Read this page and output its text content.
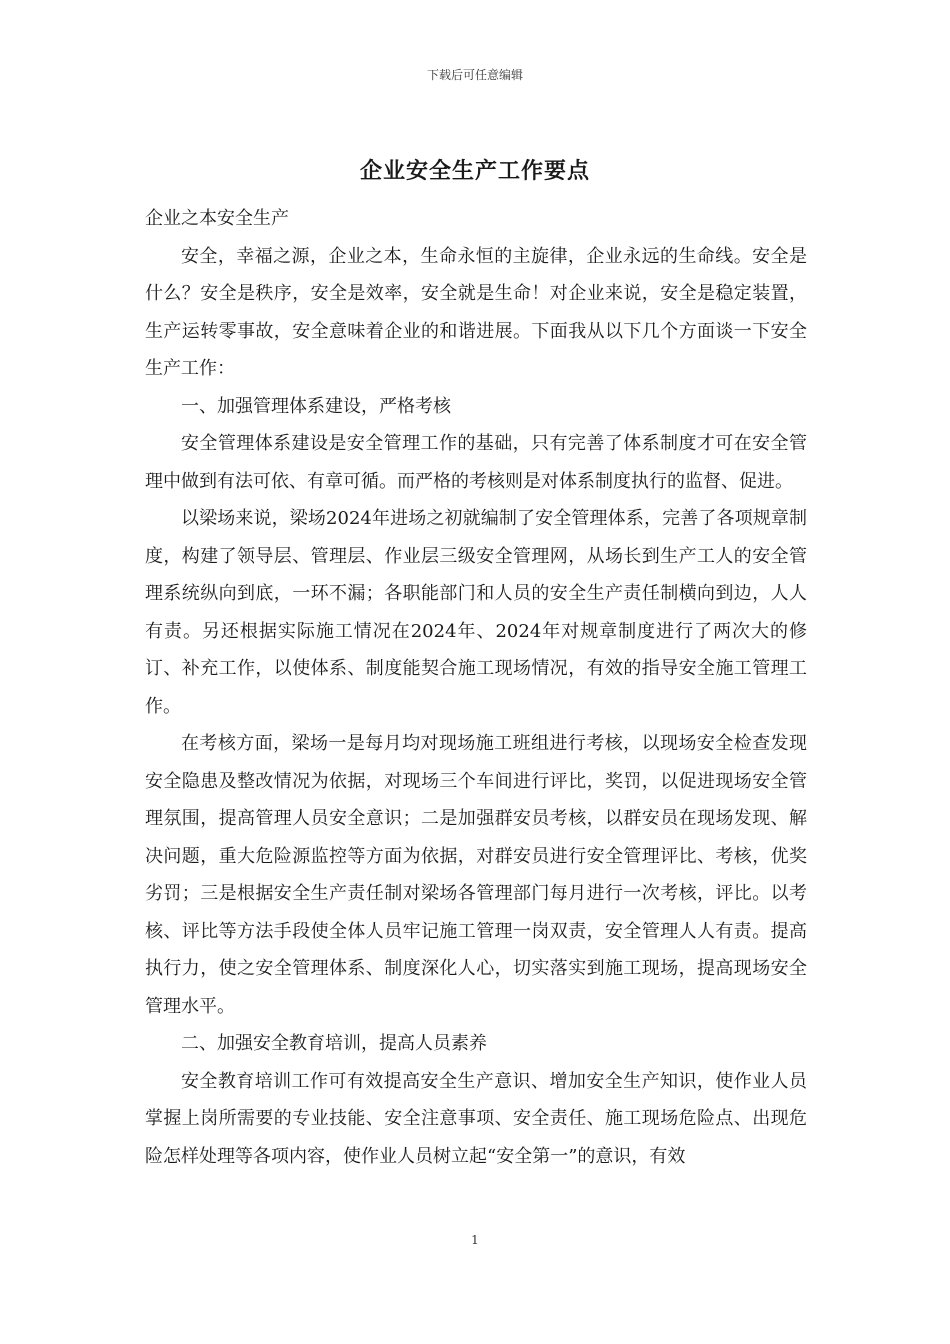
下载后可任意编辑
企业安全生产工作要点

企业之本安全生产

安全，幸福之源，企业之本，生命永恒的主旋律，企业永远的生命线。安全是什么？安全是秩序，安全是效率，安全就是生命！对企业来说，安全是稳定装置，生产运转零事故，安全意味着企业的和谐进展。下面我从以下几个方面谈一下安全生产工作：

一、加强管理体系建设，严格考核

安全管理体系建设是安全管理工作的基础，只有完善了体系制度才可在安全管理中做到有法可依、有章可循。而严格的考核则是对体系制度执行的监督、促进。

以梁场来说，梁场2024年进场之初就编制了安全管理体系，完善了各项规章制度，构建了领导层、管理层、作业层三级安全管理网，从场长到生产工人的安全管理系统纵向到底，一环不漏；各职能部门和人员的安全生产责任制横向到边，人人有责。另还根据实际施工情况在2024年、2024年对规章制度进行了两次大的修订、补充工作，以使体系、制度能契合施工现场情况，有效的指导安全施工管理工作。

在考核方面，梁场一是每月均对现场施工班组进行考核，以现场安全检查发现安全隐患及整改情况为依据，对现场三个车间进行评比，奖罚，以促进现场安全管理氛围，提高管理人员安全意识；二是加强群安员考核，以群安员在现场发现、解决问题，重大危险源监控等方面为依据，对群安员进行安全管理评比、考核，优奖劣罚；三是根据安全生产责任制对梁场各管理部门每月进行一次考核，评比。以考核、评比等方法手段使全体人员牢记施工管理一岗双责，安全管理人人有责。提高执行力，使之安全管理体系、制度深化人心，切实落实到施工现场，提高现场安全管理水平。

二、加强安全教育培训，提高人员素养

安全教育培训工作可有效提高安全生产意识、增加安全生产知识，使作业人员掌握上岗所需要的专业技能、安全注意事项、安全责任、施工现场危险点、出现危险怎样处理等各项内容，使作业人员树立起“安全第一”的意识，有效

1
